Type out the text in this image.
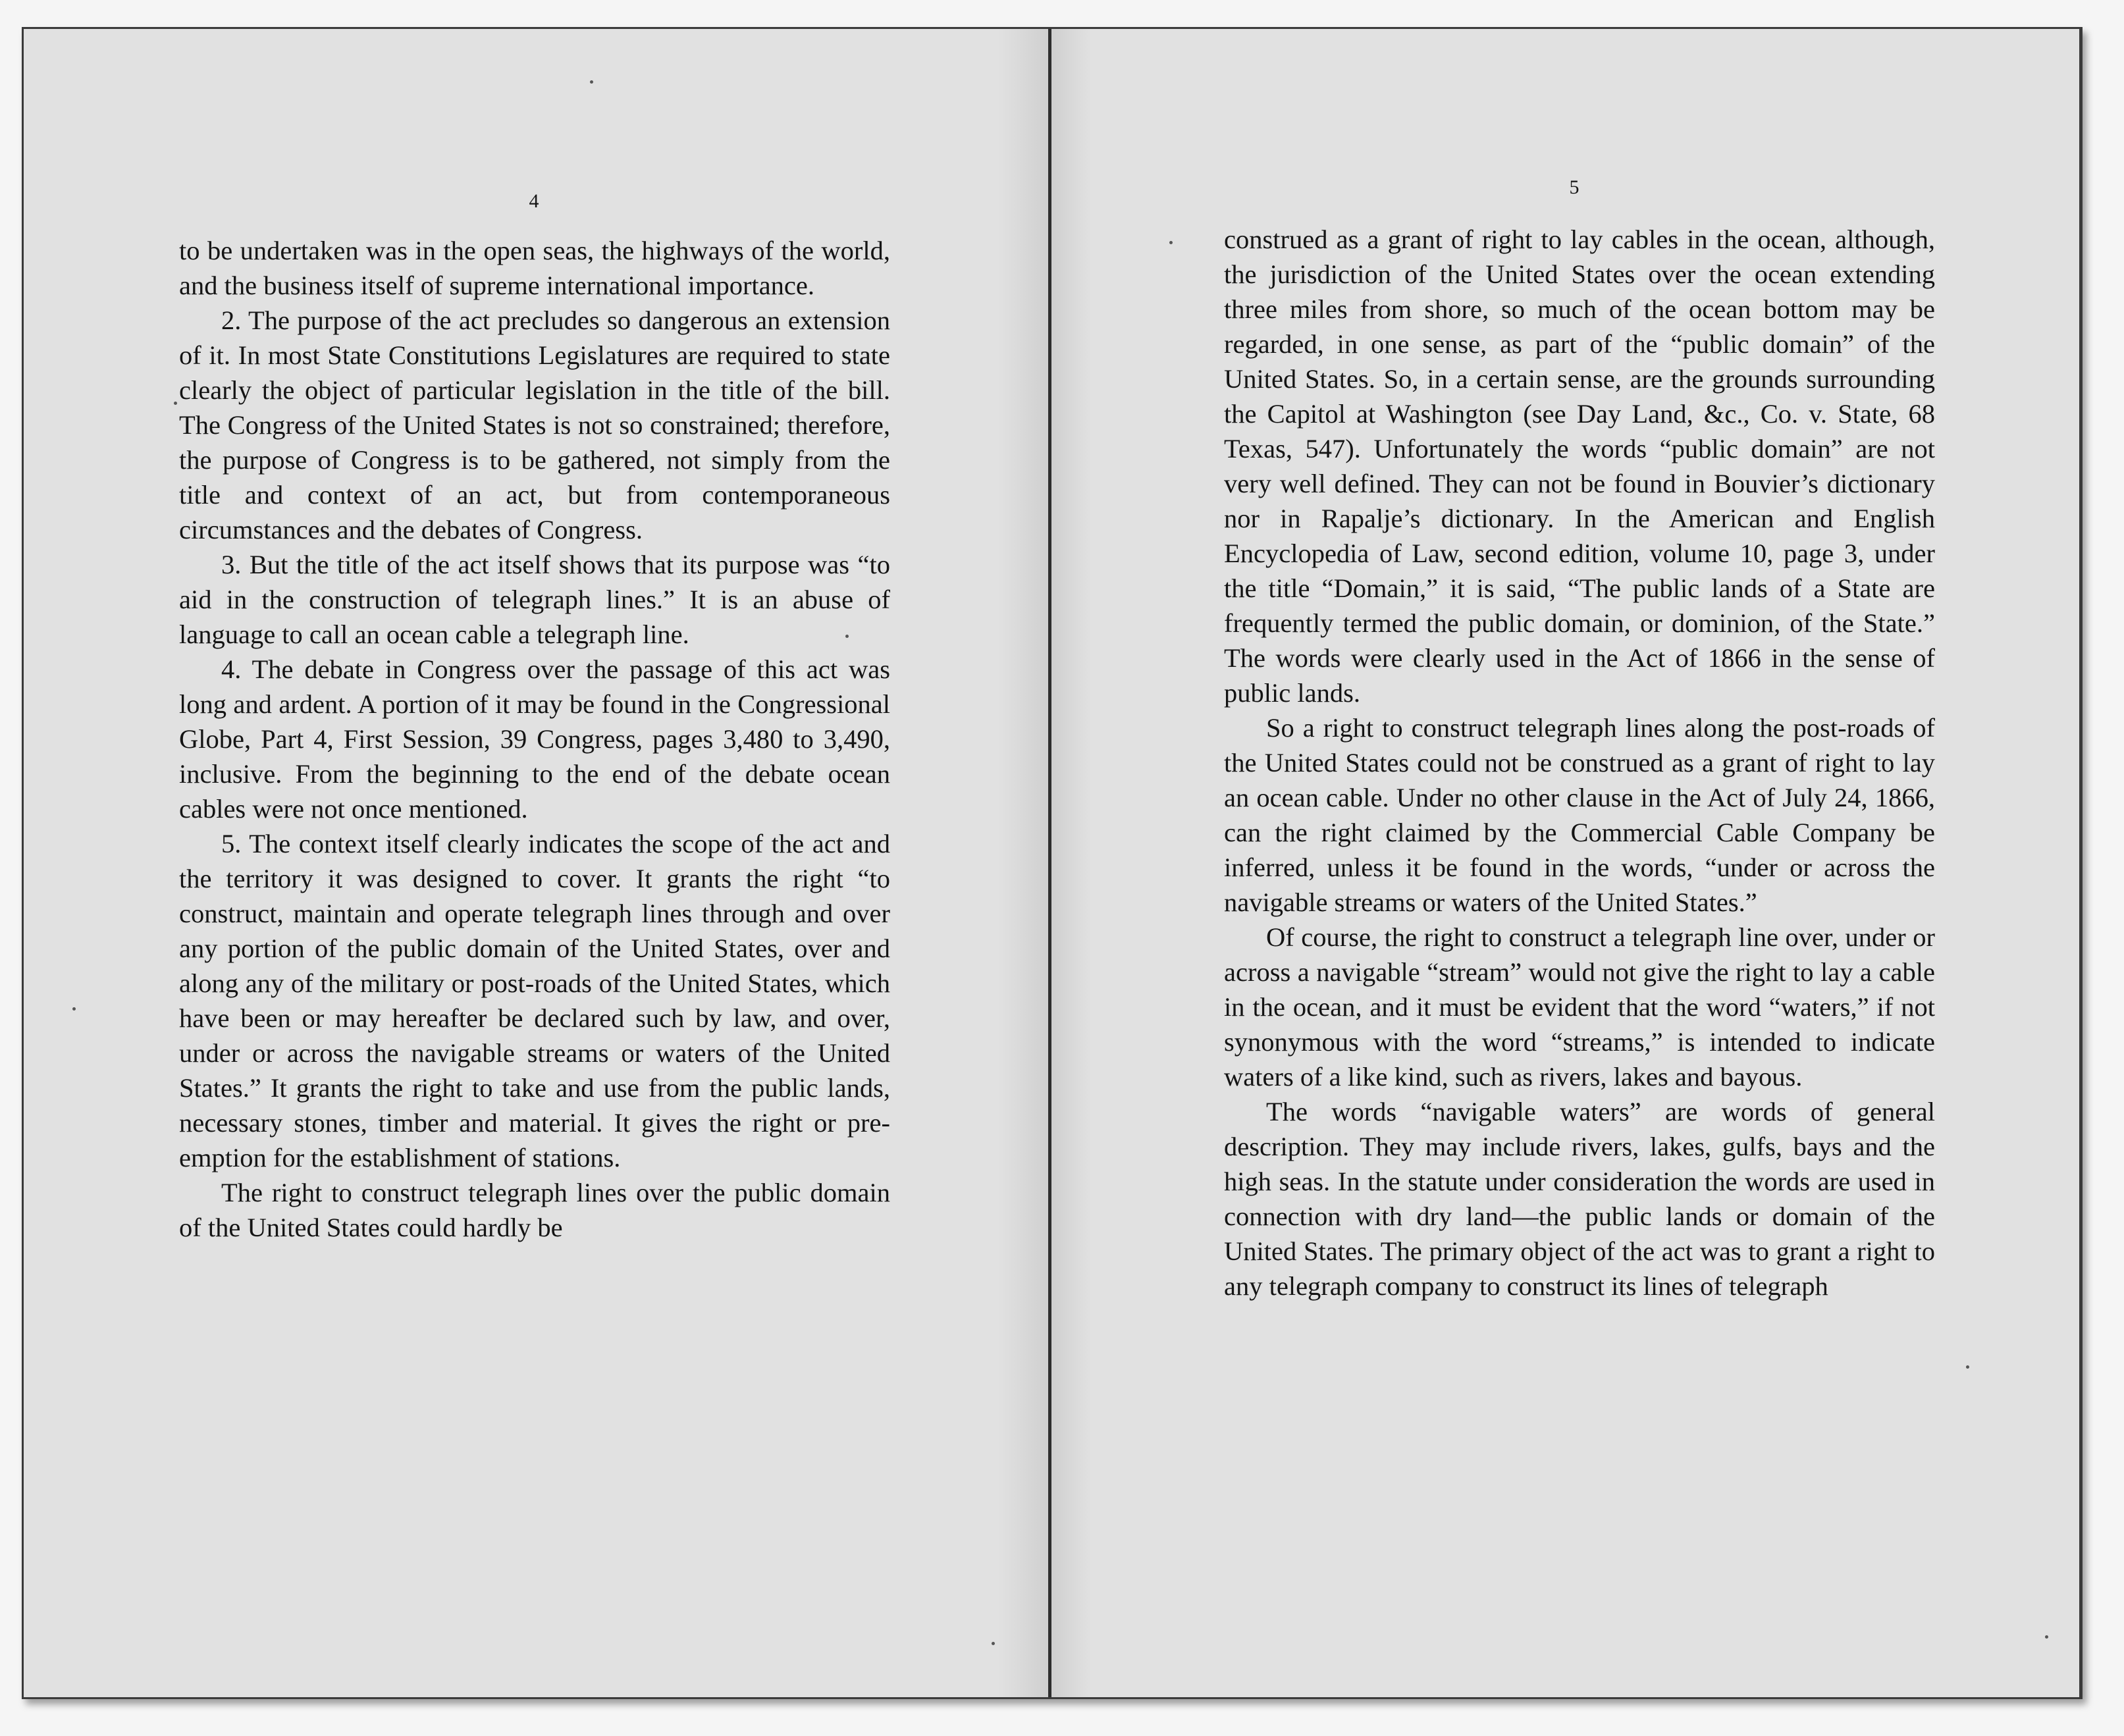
4

to be undertaken was in the open seas, the highways of the world, and the business itself of supreme international importance.

2. The purpose of the act precludes so dangerous an extension of it. In most State Constitutions Legislatures are required to state clearly the object of particular legislation in the title of the bill. The Congress of the United States is not so constrained; therefore, the purpose of Congress is to be gathered, not simply from the title and context of an act, but from contemporaneous circumstances and the debates of Congress.

3. But the title of the act itself shows that its purpose was “to aid in the construction of telegraph lines.” It is an abuse of language to call an ocean cable a telegraph line.

4. The debate in Congress over the passage of this act was long and ardent. A portion of it may be found in the Congressional Globe, Part 4, First Session, 39 Congress, pages 3,480 to 3,490, inclusive. From the beginning to the end of the debate ocean cables were not once mentioned.

5. The context itself clearly indicates the scope of the act and the territory it was designed to cover. It grants the right “to construct, maintain and operate telegraph lines through and over any portion of the public domain of the United States, over and along any of the military or post-roads of the United States, which have been or may hereafter be declared such by law, and over, under or across the navigable streams or waters of the United States.” It grants the right to take and use from the public lands, necessary stones, timber and material. It gives the right or pre-emption for the establishment of stations.

The right to construct telegraph lines over the public domain of the United States could hardly be

5

construed as a grant of right to lay cables in the ocean, although, the jurisdiction of the United States over the ocean extending three miles from shore, so much of the ocean bottom may be regarded, in one sense, as part of the “public domain” of the United States. So, in a certain sense, are the grounds surrounding the Capitol at Washington (see Day Land, &c., Co. v. State, 68 Texas, 547). Unfortunately the words “public domain” are not very well defined. They can not be found in Bouvier’s dictionary nor in Rapalje’s dictionary. In the American and English Encyclopedia of Law, second edition, volume 10, page 3, under the title “Domain,” it is said, “The public lands of a State are frequently termed the public domain, or dominion, of the State.” The words were clearly used in the Act of 1866 in the sense of public lands.

So a right to construct telegraph lines along the post-roads of the United States could not be construed as a grant of right to lay an ocean cable. Under no other clause in the Act of July 24, 1866, can the right claimed by the Commercial Cable Company be inferred, unless it be found in the words, “under or across the navigable streams or waters of the United States.”

Of course, the right to construct a telegraph line over, under or across a navigable “stream” would not give the right to lay a cable in the ocean, and it must be evident that the word “waters,” if not synonymous with the word “streams,” is intended to indicate waters of a like kind, such as rivers, lakes and bayous.

The words “navigable waters” are words of general description. They may include rivers, lakes, gulfs, bays and the high seas. In the statute under consideration the words are used in connection with dry land—the public lands or domain of the United States. The primary object of the act was to grant a right to any telegraph company to construct its lines of telegraph
